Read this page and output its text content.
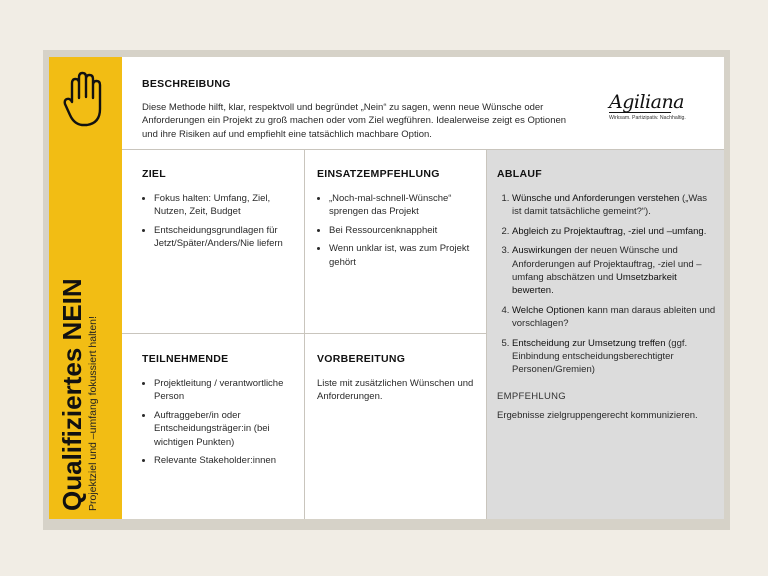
Qualifiziertes NEIN Projektziel und –umfang fokussiert halten!
BESCHREIBUNG
Diese Methode hilft, klar, respektvoll und begründet „Nein“ zu sagen, wenn neue Wünsche oder Anforderungen ein Projekt zu groß machen oder vom Ziel wegführen. Idealerweise zeigt es Optionen und ihre Risiken auf und empfiehlt eine tatsächlich machbare Option.
Agiliana
Wirksam. Partizipativ. Nachhaltig.
ZIEL
• Fokus halten: Umfang, Ziel, Nutzen, Zeit, Budget
• Entscheidungsgrundlagen für Jetzt/Später/Anders/Nie liefern
EINSATZEMPFEHLUNG
• „Noch-mal-schnell-Wünsche“ sprengen das Projekt
• Bei Ressourcenknappheit
• Wenn unklar ist, was zum Projekt gehört
ABLAUF
1. Wünsche und Anforderungen verstehen („Was ist damit tatsächliche gemeint?“).
2. Abgleich zu Projektauftrag, -ziel und –umfang.
3. Auswirkungen der neuen Wünsche und Anforderungen auf Projektauftrag, -ziel und –umfang abschätzen und Umsetzbarkeit bewerten.
4. Welche Optionen kann man daraus ableiten und vorschlagen?
5. Entscheidung zur Umsetzung treffen (ggf. Einbindung entscheidungsberechtigter Personen/Gremien)
EMPFEHLUNG
Ergebnisse zielgruppengerecht kommunizieren.
TEILNEHMENDE
• Projektleitung / verantwortliche Person
• Auftraggeber/in oder Entscheidungsträger:in (bei wichtigen Punkten)
• Relevante Stakeholder:innen
VORBEREITUNG
Liste mit zusätzlichen Wünschen und Anforderungen.
